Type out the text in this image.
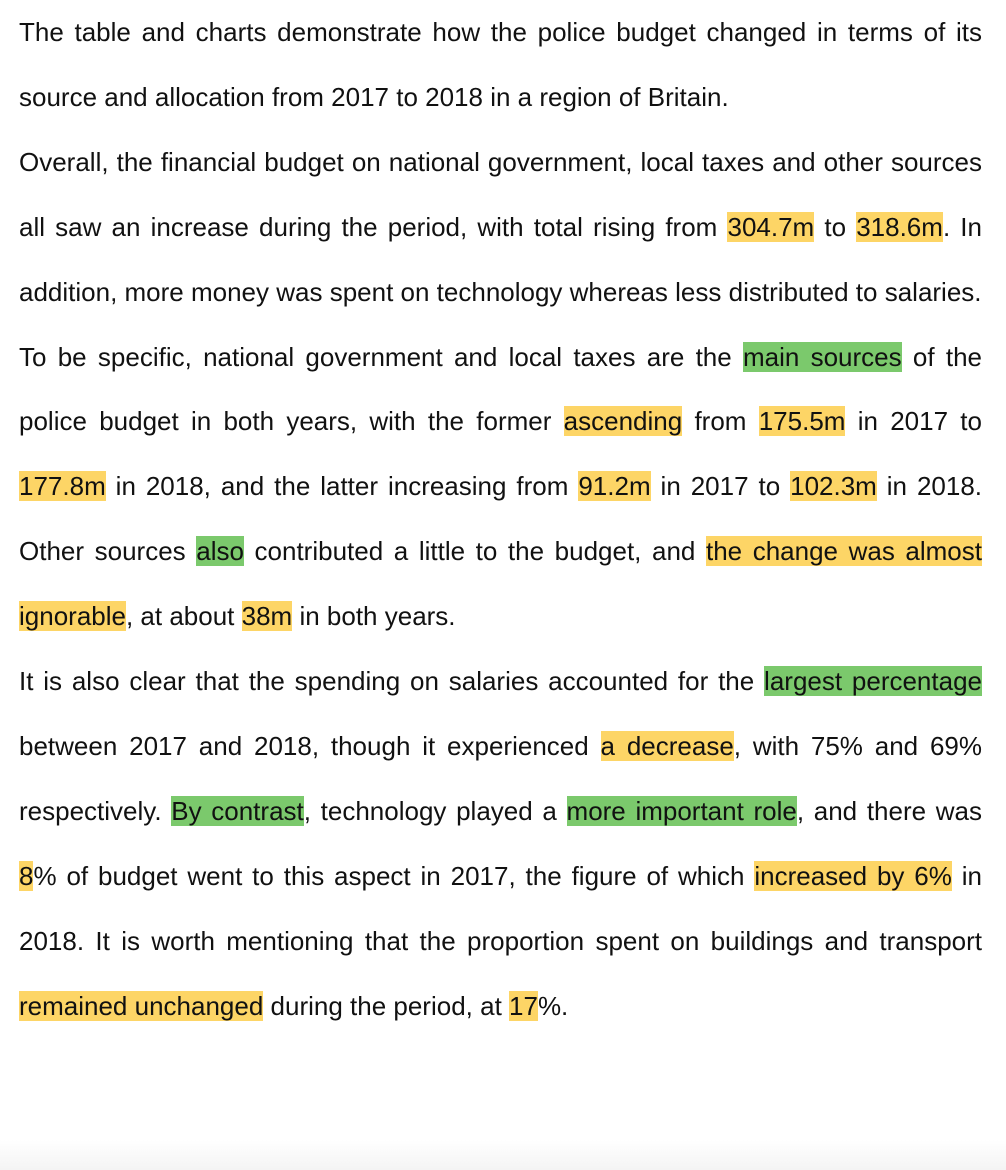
The table and charts demonstrate how the police budget changed in terms of its source and allocation from 2017 to 2018 in a region of Britain.

Overall, the financial budget on national government, local taxes and other sources all saw an increase during the period, with total rising from 304.7m to 318.6m. In addition, more money was spent on technology whereas less distributed to salaries.

To be specific, national government and local taxes are the main sources of the police budget in both years, with the former ascending from 175.5m in 2017 to 177.8m in 2018, and the latter increasing from 91.2m in 2017 to 102.3m in 2018. Other sources also contributed a little to the budget, and the change was almost ignorable, at about 38m in both years.

It is also clear that the spending on salaries accounted for the largest percentage between 2017 and 2018, though it experienced a decrease, with 75% and 69% respectively. By contrast, technology played a more important role, and there was 8% of budget went to this aspect in 2017, the figure of which increased by 6% in 2018. It is worth mentioning that the proportion spent on buildings and transport remained unchanged during the period, at 17%.
